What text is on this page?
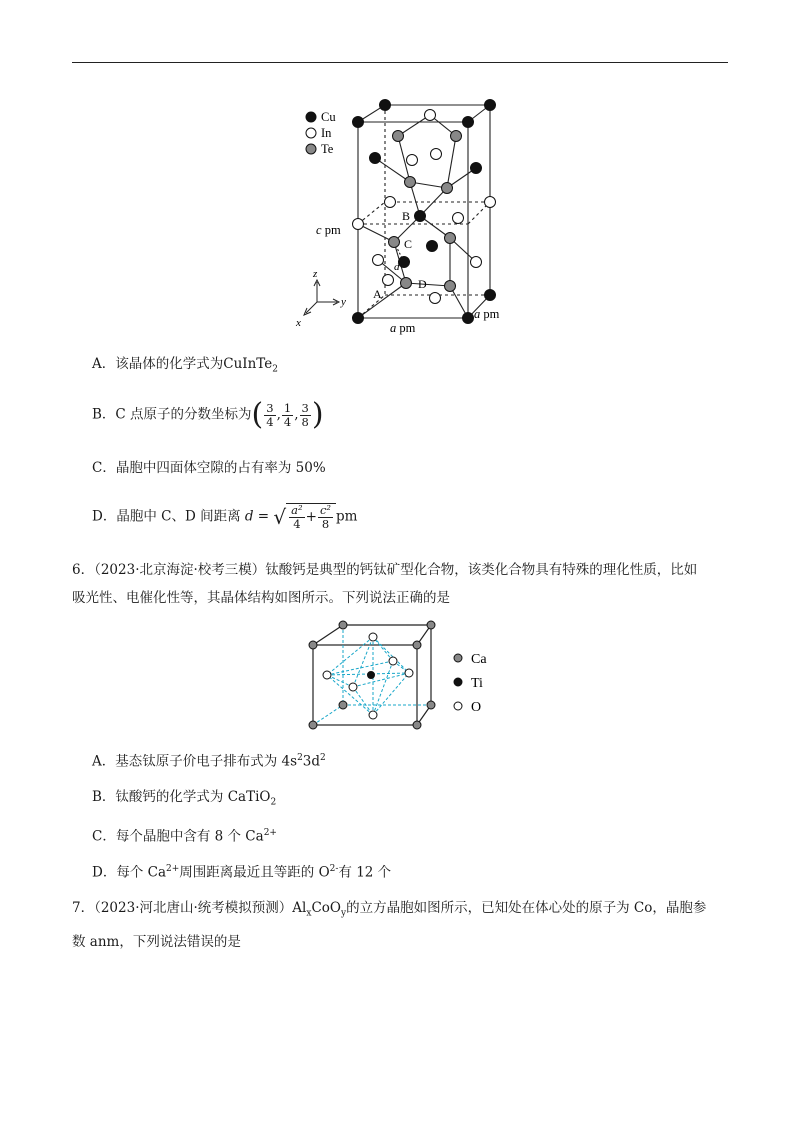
Cu
In
Te
c pm
a pm
a pm
B
C
D
A
d
z
y
x
A．该晶体的化学式为CuInTe$_2$
B．C 点原子的分数坐标为( $\frac{3}{4}$ , $\frac{1}{4}$ , $\frac{3}{8}$ )
C．晶胞中四面体空隙的占有率为 50%
D．晶胞中 C、D 间距离 d = √ $\frac{\text{a²}}{4} + \frac{\text{c²}}{8}$ pm

6．（2023·北京海淀·校考三模）钛酸钙是典型的钙钛矿型化合物，该类化合物具有特殊的理化性质，比如

吸光性、电催化性等，其晶体结构如图所示。下列说法正确的是

Ca
Ti
O
A．基态钛原子价电子排布式为 $4s^23d^2$
B．钛酸钙的化学式为 CaTiO$_2$
C．每个晶胞中含有 8 个 $Ca^{2+}$
D．每个 $Ca^{2+}$周围距离最近且等距的 $O^{2-}$有 12 个

7．（2023·河北唐山·统考模拟预测）$Al_xCoO_y$的立方晶胞如图所示，已知处在体心处的原子为 Co，晶胞参

数 anm，下列说法错误的是
